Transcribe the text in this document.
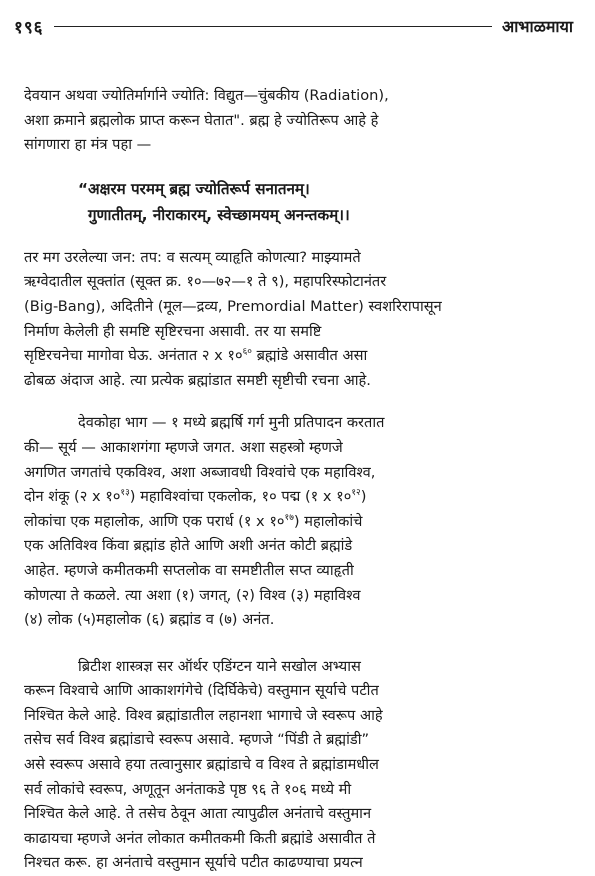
१९६	आभाळमाया

देवयान अथवा ज्योतिर्मार्गाने ज्योति: विद्युत—चुंबकीय (Radiation),
अशा क्रमाने ब्रह्मलोक प्राप्त करून घेतात". ब्रह्म हे ज्योतिरूप आहे हे
सांगणारा हा मंत्र पहा —

“अक्षरम परमम् ब्रह्म ज्योतिरूर्प सनातनम्।
गुणातीतम्, नीराकारम्, स्वेच्छामयम् अनन्तकम्।।

तर मग उरलेल्या जन: तप: व सत्यम् व्याहृति कोणत्या? माझ्यामते
ऋग्वेदातील सूक्तांत (सूक्त क्र. १०—७२—१ ते ९), महापरिस्फोटानंतर
(Big-Bang), अदितीने (मूल—द्रव्य, Premordial Matter) स्वशरिरापासून
निर्माण केलेली ही समष्टि सृष्टिरचना असावी. तर या समष्टि
सृष्टिरचनेचा मागोवा घेऊ. अनंतात २ x $१०^{६०}$ ब्रह्मांडे असावीत असा
ढोबळ अंदाज आहे. त्या प्रत्येक ब्रह्मांडात समष्टी सृष्टीची रचना आहे.

देवकोहा भाग — १ मध्ये ब्रह्मर्षि गर्ग मुनी प्रतिपादन करतात
की— सूर्य — आकाशगंगा म्हणजे जगत. अशा सहस्त्रो म्हणजे
अगणित जगतांचे एकविश्व, अशा अब्जावधी विश्वांचे एक महाविश्व,
दोन शंकू (२ x $१०^{१३}$) महाविश्वांचा एकलोक, १० पद्म (१ x $१०^{१२}$)
लोकांचा एक महालोक, आणि एक परार्ध (१ x $१०^{१७}$) महालोकांचे
एक अतिविश्व किंवा ब्रह्मांड होते आणि अशी अनंत कोटी ब्रह्मांडे
आहेत. म्हणजे कमीतकमी सप्तलोक वा समष्टीतील सप्त व्याहृती
कोणत्या ते कळले. त्या अशा (१) जगत्, (२) विश्व (३) महाविश्व
(४) लोक (५)महालोक (६) ब्रह्मांड व (७) अनंत.

ब्रिटीश शास्त्रज्ञ सर ऑर्थर एडिंग्टन याने सखोल अभ्यास
करून विश्वाचे आणि आकाशगंगेचे (दिर्घिकेचे) वस्तुमान सूर्याचे पटीत
निश्चित केले आहे. विश्व ब्रह्मांडातील लहानशा भागाचे जे स्वरूप आहे
तसेच सर्व विश्व ब्रह्मांडाचे स्वरूप असावे. म्हणजे “पिंडी ते ब्रह्मांडी”
असे स्वरूप असावे हया तत्वानुसार ब्रह्मांडाचे व विश्व ते ब्रह्मांडामधील
सर्व लोकांचे स्वरूप, अणूतून अनंताकडे पृष्ठ ९६ ते १०६ मध्ये मी
निश्चित केले आहे. ते तसेच ठेवून आता त्यापुढील अनंताचे वस्तुमान
काढायचा म्हणजे अनंत लोकात कमीतकमी किती ब्रह्मांडे असावीत ते
निश्चत करू. हा अनंताचे वस्तुमान सूर्याचे पटीत काढण्याचा प्रयत्न
